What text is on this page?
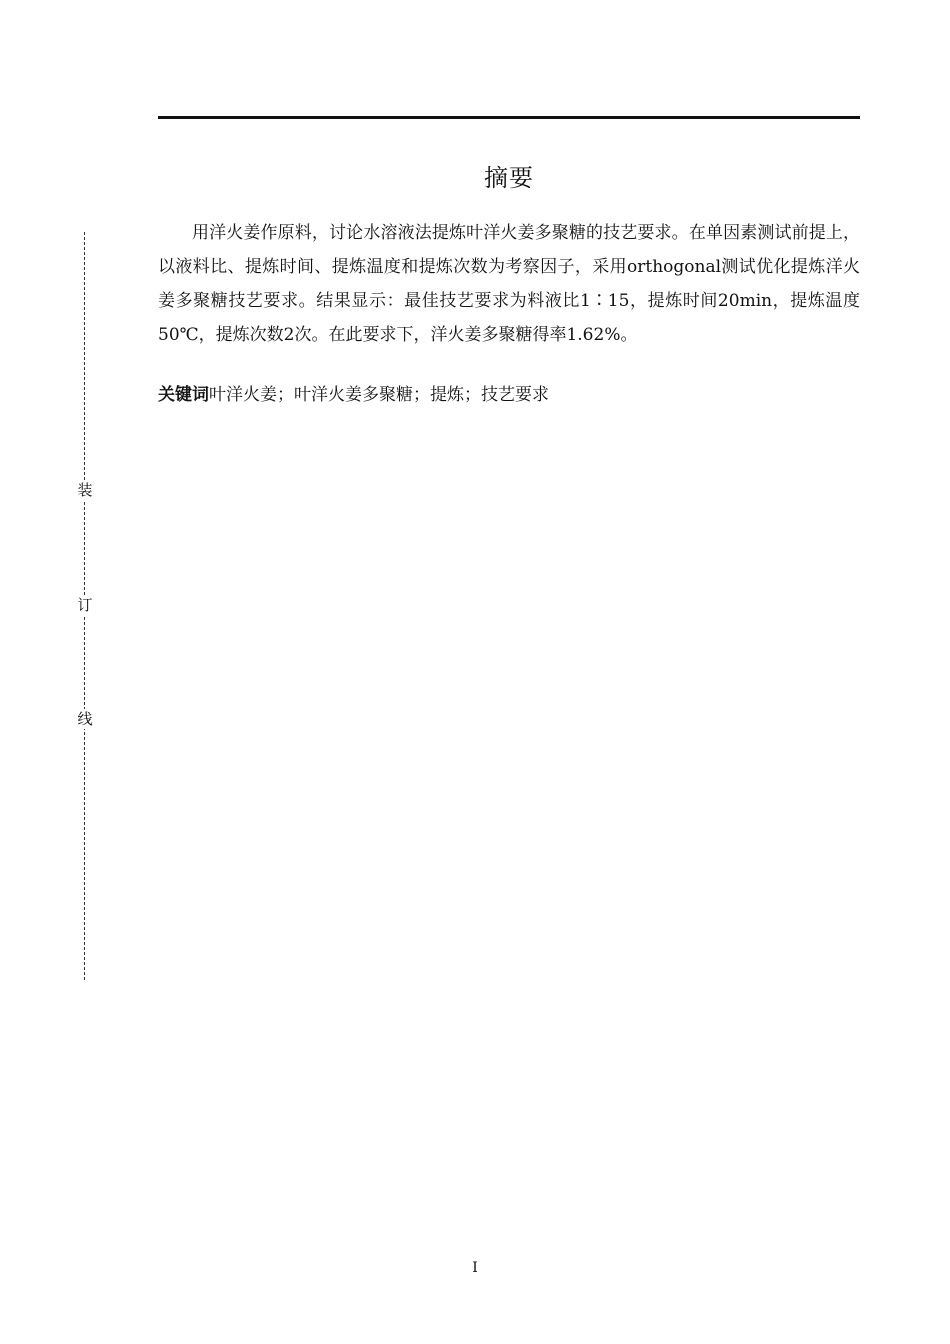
摘要

用洋火姜作原料，讨论水溶液法提炼叶洋火姜多聚糖的技艺要求。在单因素测试前提上，以液料比、提炼时间、提炼温度和提炼次数为考察因子，采用orthogonal测试优化提炼洋火姜多聚糖技艺要求。结果显示：最佳技艺要求为料液比1∶15，提炼时间20min，提炼温度50℃，提炼次数2次。在此要求下，洋火姜多聚糖得率1.62%。

关键词叶洋火姜；叶洋火姜多聚糖；提炼；技艺要求

装
订
线
I
